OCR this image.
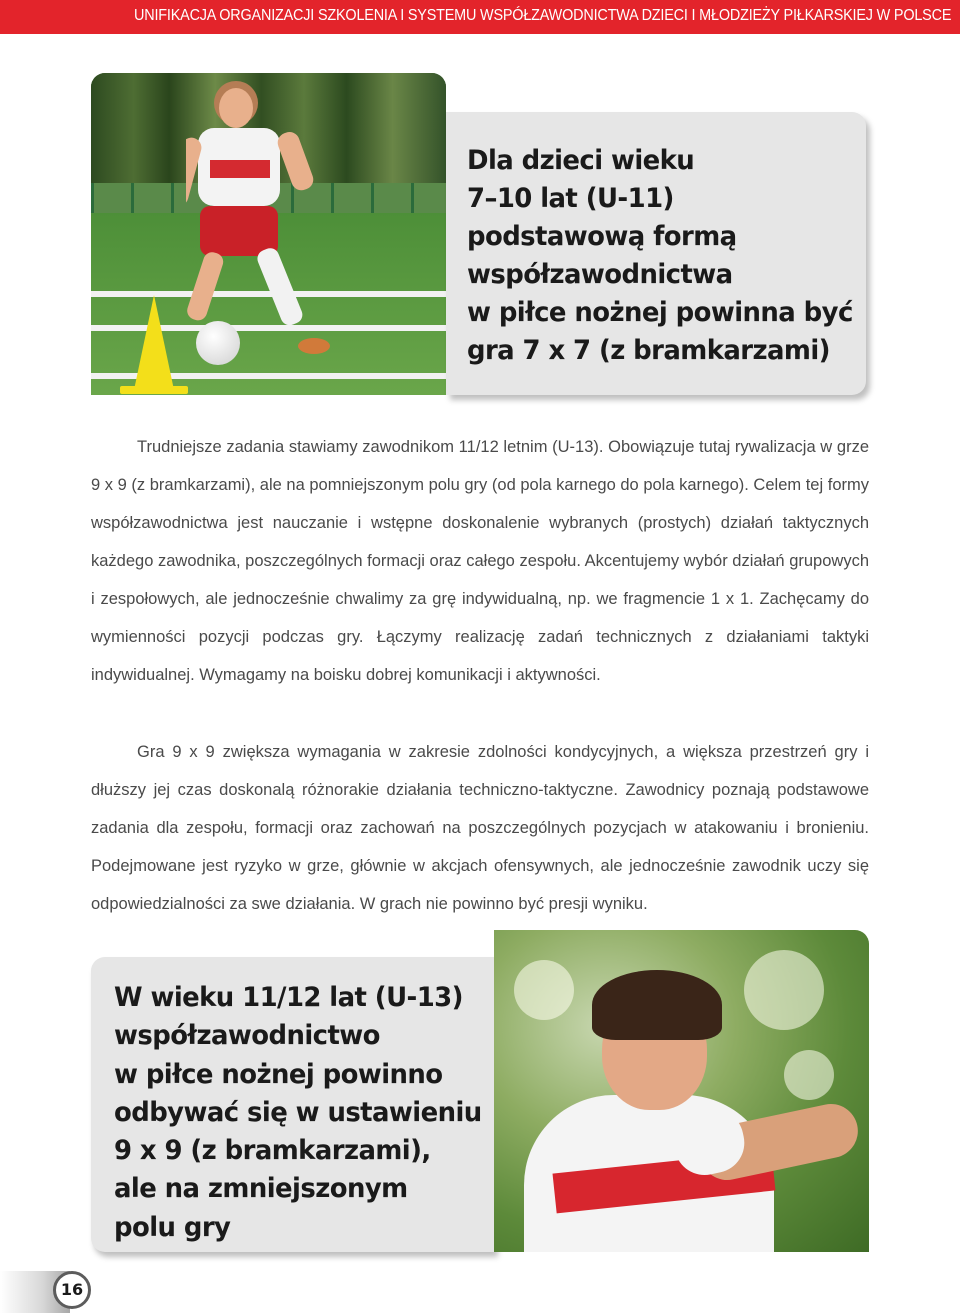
UNIFIKACJA ORGANIZACJI SZKOLENIA I SYSTEMU WSPÓŁZAWODNICTWA DZIECI I MŁODZIEŻY PIŁKARSKIEJ W POLSCE
Dla dzieci wieku
7–10 lat (U-11)
podstawową formą
współzawodnictwa
w piłce nożnej powinna być
gra 7 x 7 (z bramkarzami)
Trudniejsze zadania stawiamy zawodnikom 11/12 letnim (U-13). Obowiązuje tutaj rywalizacja w grze 9 x 9 (z bramkarzami), ale na pomniejszonym polu gry (od pola karnego do pola karnego). Celem tej formy współzawodnictwa jest nauczanie i wstępne doskonalenie wybranych (prostych) działań taktycznych każdego zawodnika, poszczególnych formacji oraz całego zespołu. Akcentujemy wybór działań grupowych i zespołowych, ale jednocześnie chwalimy za grę indywidualną, np. we fragmencie 1 x 1. Zachęcamy do wymienności pozycji podczas gry. Łączymy realizację zadań technicznych z działaniami taktyki indywidualnej. Wymagamy na boisku dobrej komunikacji i aktywności.
Gra 9 x 9 zwiększa wymagania w zakresie zdolności kondycyjnych, a większa przestrzeń gry i dłuższy jej czas doskonalą różnorakie działania techniczno-taktyczne. Zawodnicy poznają podstawowe zadania dla zespołu, formacji oraz zachowań na poszczególnych pozycjach w atakowaniu i bronieniu. Podejmowane jest ryzyko w grze, głównie w akcjach ofensywnych, ale jednocześnie zawodnik uczy się odpowiedzialności za swe działania. W grach nie powinno być presji wyniku.
W wieku 11/12 lat (U-13)
współzawodnictwo
w piłce nożnej powinno
odbywać się w ustawieniu
9 x 9 (z bramkarzami),
ale na zmniejszonym
polu gry
16
